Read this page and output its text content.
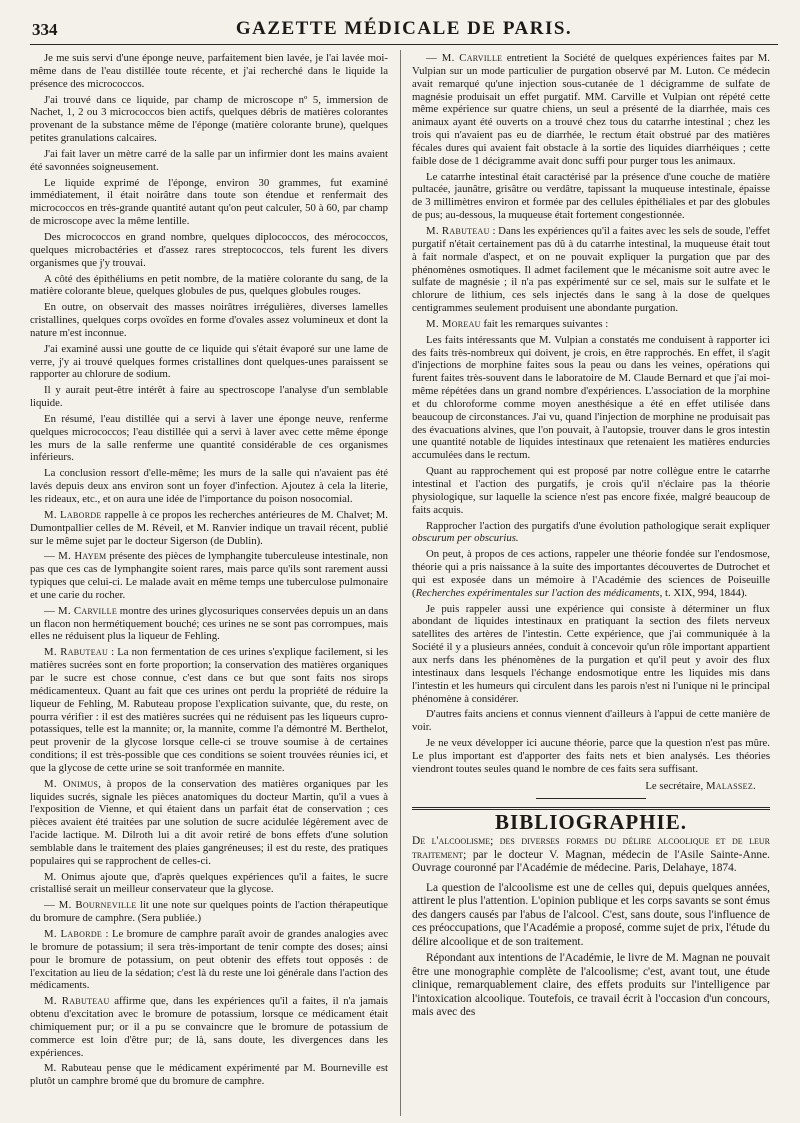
334	GAZETTE MÉDICALE DE PARIS.

Je me suis servi d'une éponge neuve, parfaitement bien lavée, je l'ai lavée moi-même dans de l'eau distillée toute récente, et j'ai recherché dans le liquide la présence des micrococcos.

J'ai trouvé dans ce liquide, par champ de microscope nº 5, immersion de Nachet, 1, 2 ou 3 micrococcos bien actifs, quelques débris de matières colorantes provenant de la substance même de l'éponge (matière colorante brune), quelques petites granulations calcaires.

J'ai fait laver un mètre carré de la salle par un infirmier dont les mains avaient été savonnées soigneusement.

Le liquide exprimé de l'éponge, environ 30 grammes, fut examiné immédiatement, il était noirâtre dans toute son étendue et renfermait des micrococcos en très-grande quantité autant qu'on peut calculer, 50 à 60, par champ de microscope avec la même lentille.

Des micrococcos en grand nombre, quelques diplococcos, des mérococcos, quelques microbactéries et d'assez rares streptococcos, tels furent les divers organismes que j'y trouvai.

A côté des épithéliums en petit nombre, de la matière colorante du sang, de la matière colorante bleue, quelques globules de pus, quelques globules rouges.

En outre, on observait des masses noirâtres irrégulières, diverses lamelles cristallines, quelques corps ovoïdes en forme d'ovales assez volumineux et dont la nature m'est inconnue.

J'ai examiné aussi une goutte de ce liquide qui s'était évaporé sur une lame de verre, j'y ai trouvé quelques formes cristallines dont quelques-unes paraissent se rapporter au chlorure de sodium.

Il y aurait peut-être intérêt à faire au spectroscope l'analyse d'un semblable liquide.

En résumé, l'eau distillée qui a servi à laver une éponge neuve, renferme quelques micrococcos; l'eau distillée qui a servi à laver avec cette même éponge les murs de la salle renferme une quantité considérable de ces organismes inférieurs.

La conclusion ressort d'elle-même; les murs de la salle qui n'avaient pas été lavés depuis deux ans environ sont un foyer d'infection. Ajoutez à cela la literie, les rideaux, etc., et on aura une idée de l'importance du poison nosocomial.

M. Laborde rappelle à ce propos les recherches antérieures de M. Chalvet; M. Dumontpallier celles de M. Réveil, et M. Ranvier indique un travail récent, publié sur le même sujet par le docteur Sigerson (de Dublin).

— M. Hayem présente des pièces de lymphangite tuberculeuse intestinale, non pas que ces cas de lymphangite soient rares, mais parce qu'ils sont rarement aussi typiques que celui-ci. Le malade avait en même temps une tuberculose pulmonaire et une carie du rocher.

— M. Carville montre des urines glycosuriques conservées depuis un an dans un flacon non hermétiquement bouché; ces urines ne se sont pas corrompues, mais elles ne réduisent plus la liqueur de Fehling.

M. Rabuteau : La non fermentation de ces urines s'explique facilement, si les matières sucrées sont en forte proportion; la conservation des matières organiques par le sucre est chose connue, c'est dans ce but que sont faits nos sirops médicamenteux. Quant au fait que ces urines ont perdu la propriété de réduire la liqueur de Fehling, M. Rabuteau propose l'explication suivante, que, du reste, on pourra vérifier : il est des matières sucrées qui ne réduisent pas les liqueurs cupro-potassiques, telle est la mannite; or, la mannite, comme l'a démontré M. Berthelot, peut provenir de la glycose lorsque celle-ci se trouve soumise à de certaines conditions; il est très-possible que ces conditions se soient trouvées réunies ici, et que la glycose de cette urine se soit tranformée en mannite.

M. Onimus, à propos de la conservation des matières organiques par les liquides sucrés, signale les pièces anatomiques du docteur Martin, qu'il a vues à l'exposition de Vienne, et qui étaient dans un parfait état de conservation ; ces pièces avaient été traitées par une solution de sucre acidulée légèrement avec de l'acide lactique. M. Dilroth lui a dit avoir retiré de bons effets d'une solution semblable dans le traitement des plaies gangréneuses; il est du reste, des pratiques populaires qui se rapprochent de celles-ci.

M. Onimus ajoute que, d'après quelques expériences qu'il a faites, le sucre cristallisé serait un meilleur conservateur que la glycose.

— M. Bourneville lit une note sur quelques points de l'action thérapeutique du bromure de camphre. (Sera publiée.)

M. Laborde : Le bromure de camphre paraît avoir de grandes analogies avec le bromure de potassium; il sera très-important de tenir compte des doses; ainsi pour le bromure de potassium, on peut obtenir des effets tout opposés : de l'excitation au lieu de la sédation; c'est là du reste une loi générale dans l'action des médicaments.

M. Rabuteau affirme que, dans les expériences qu'il a faites, il n'a jamais obtenu d'excitation avec le bromure de potassium, lorsque ce médicament était chimiquement pur; or il a pu se convaincre que le bromure de potassium de commerce est loin d'être pur; de là, sans doute, les divergences dans les expériences.

M. Rabuteau pense que le médicament expérimenté par M. Bourneville est plutôt un camphre bromé que du bromure de camphre.

— M. Carville entretient la Société de quelques expériences faites par M. Vulpian sur un mode particulier de purgation observé par M. Luton. Ce médecin avait remarqué qu'une injection sous-cutanée de 1 décigramme de sulfate de magnésie produisait un effet purgatif. MM. Carville et Vulpian ont répété cette même expérience sur quatre chiens, un seul a présenté de la diarrhée, mais ces animaux ayant été ouverts on a trouvé chez tous du catarrhe intestinal ; chez les trois qui n'avaient pas eu de diarrhée, le rectum était obstrué par des matières fécales dures qui avaient fait obstacle à la sortie des liquides diarrhéiques ; cette faible dose de 1 décigramme avait donc suffi pour purger tous les animaux.

Le catarrhe intestinal était caractérisé par la présence d'une couche de matière pultacée, jaunâtre, grisâtre ou verdâtre, tapissant la muqueuse intestinale, épaisse de 3 millimètres environ et formée par des cellules épithéliales et par des globules de pus; au-dessous, la muqueuse était fortement congestionnée.

M. Rabuteau : Dans les expériences qu'il a faites avec les sels de soude, l'effet purgatif n'était certainement pas dû à du catarrhe intestinal, la muqueuse était tout à fait normale d'aspect, et on ne pouvait expliquer la purgation que par des phénomènes osmotiques. Il admet facilement que le mécanisme soit autre avec le sulfate de magnésie ; il n'a pas expérimenté sur ce sel, mais sur le sulfate et le chlorure de lithium, ces sels injectés dans le sang à la dose de quelques centigrammes seulement produisent une abondante purgation.

M. Moreau fait les remarques suivantes :

Les faits intéressants que M. Vulpian a constatés me conduisent à rapporter ici des faits très-nombreux qui doivent, je crois, en être rapprochés. En effet, il s'agit d'injections de morphine faites sous la peau ou dans les veines, opérations qui furent faites très-souvent dans le laboratoire de M. Claude Bernard et que j'ai moi-même répétées dans un grand nombre d'expériences. L'association de la morphine et du chloroforme comme moyen anesthésique a été en effet utilisée dans beaucoup de circonstances. J'ai vu, quand l'injection de morphine ne produisait pas des évacuations alvines, que l'on pouvait, à l'autopsie, trouver dans le gros intestin une quantité notable de liquides intestinaux que retenaient les matières endurcies accumulées dans le rectum.

Quant au rapprochement qui est proposé par notre collègue entre le catarrhe intestinal et l'action des purgatifs, je crois qu'il n'éclaire pas la théorie physiologique, sur laquelle la science n'est pas encore fixée, malgré beaucoup de faits acquis.

Rapprocher l'action des purgatifs d'une évolution pathologique serait expliquer obscurum per obscurius.

On peut, à propos de ces actions, rappeler une théorie fondée sur l'endosmose, théorie qui a pris naissance à la suite des importantes découvertes de Dutrochet et qui est exposée dans un mémoire à l'Académie des sciences de Poiseuille (Recherches expérimentales sur l'action des médicaments, t. XIX, 994, 1844).

Je puis rappeler aussi une expérience qui consiste à déterminer un flux abondant de liquides intestinaux en pratiquant la section des filets nerveux satellites des artères de l'intestin. Cette expérience, que j'ai communiquée à la Société il y a plusieurs années, conduit à concevoir qu'un rôle important appartient aux nerfs dans les phénomènes de la purgation et qu'il peut y avoir des flux intestinaux dans lesquels l'échange endosmotique entre les liquides mis dans l'intestin et les humeurs qui circulent dans les parois n'est ni l'unique ni le principal phénomène à considérer.

D'autres faits anciens et connus viennent d'ailleurs à l'appui de cette manière de voir.

Je ne veux développer ici aucune théorie, parce que la question n'est pas mûre. Le plus important est d'apporter des faits nets et bien analysés. Les théories viendront toutes seules quand le nombre de ces faits sera suffisant.

Le secrétaire, Malassez.
BIBLIOGRAPHIE.

De l'alcoolisme; des diverses formes du délire alcoolique et de leur traitement; par le docteur V. Magnan, médecin de l'Asile Sainte-Anne. Ouvrage couronné par l'Académie de médecine. Paris, Delahaye, 1874.

La question de l'alcoolisme est une de celles qui, depuis quelques années, attirent le plus l'attention. L'opinion publique et les corps savants se sont émus des dangers causés par l'abus de l'alcool. C'est, sans doute, sous l'influence de ces préoccupations, que l'Académie a proposé, comme sujet de prix, l'étude du délire alcoolique et de son traitement.

Répondant aux intentions de l'Académie, le livre de M. Magnan ne pouvait être une monographie complète de l'alcoolisme; c'est, avant tout, une étude clinique, remarquablement claire, des effets produits sur l'intelligence par l'intoxication alcoolique. Toutefois, ce travail écrit à l'occasion d'un concours, mais avec des
